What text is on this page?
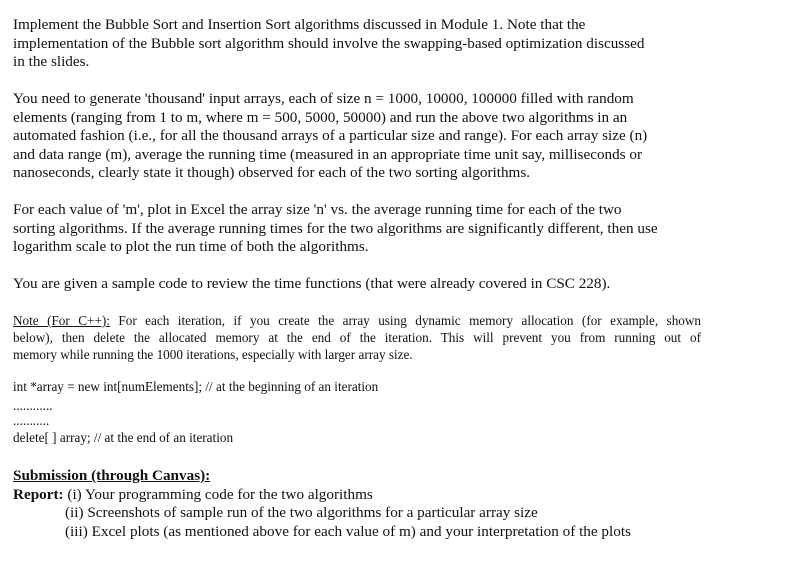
Implement the Bubble Sort and Insertion Sort algorithms discussed in Module 1. Note that the
implementation of the Bubble sort algorithm should involve the swapping-based optimization discussed
in the slides.
You need to generate 'thousand' input arrays, each of size n = 1000, 10000, 100000 filled with random
elements (ranging from 1 to m, where m = 500, 5000, 50000) and run the above two algorithms in an
automated fashion (i.e., for all the thousand arrays of a particular size and range). For each array size (n)
and data range (m), average the running time (measured in an appropriate time unit say, milliseconds or
nanoseconds, clearly state it though) observed for each of the two sorting algorithms.
For each value of 'm', plot in Excel the array size 'n' vs. the average running time for each of the two
sorting algorithms. If the average running times for the two algorithms are significantly different, then use
logarithm scale to plot the run time of both the algorithms.
You are given a sample code to review the time functions (that were already covered in CSC 228).
Note (For C++): For each iteration, if you create the array using dynamic memory allocation (for example, shown
below), then delete the allocated memory at the end of the iteration. This will prevent you from running out of
memory while running the 1000 iterations, especially with larger array size.
int *array = new int[numElements]; // at the beginning of an iteration
............
...........
delete[ ] array; // at the end of an iteration
Submission (through Canvas):
Report: (i) Your programming code for the two algorithms
(ii) Screenshots of sample run of the two algorithms for a particular array size
(iii) Excel plots (as mentioned above for each value of m) and your interpretation of the plots
